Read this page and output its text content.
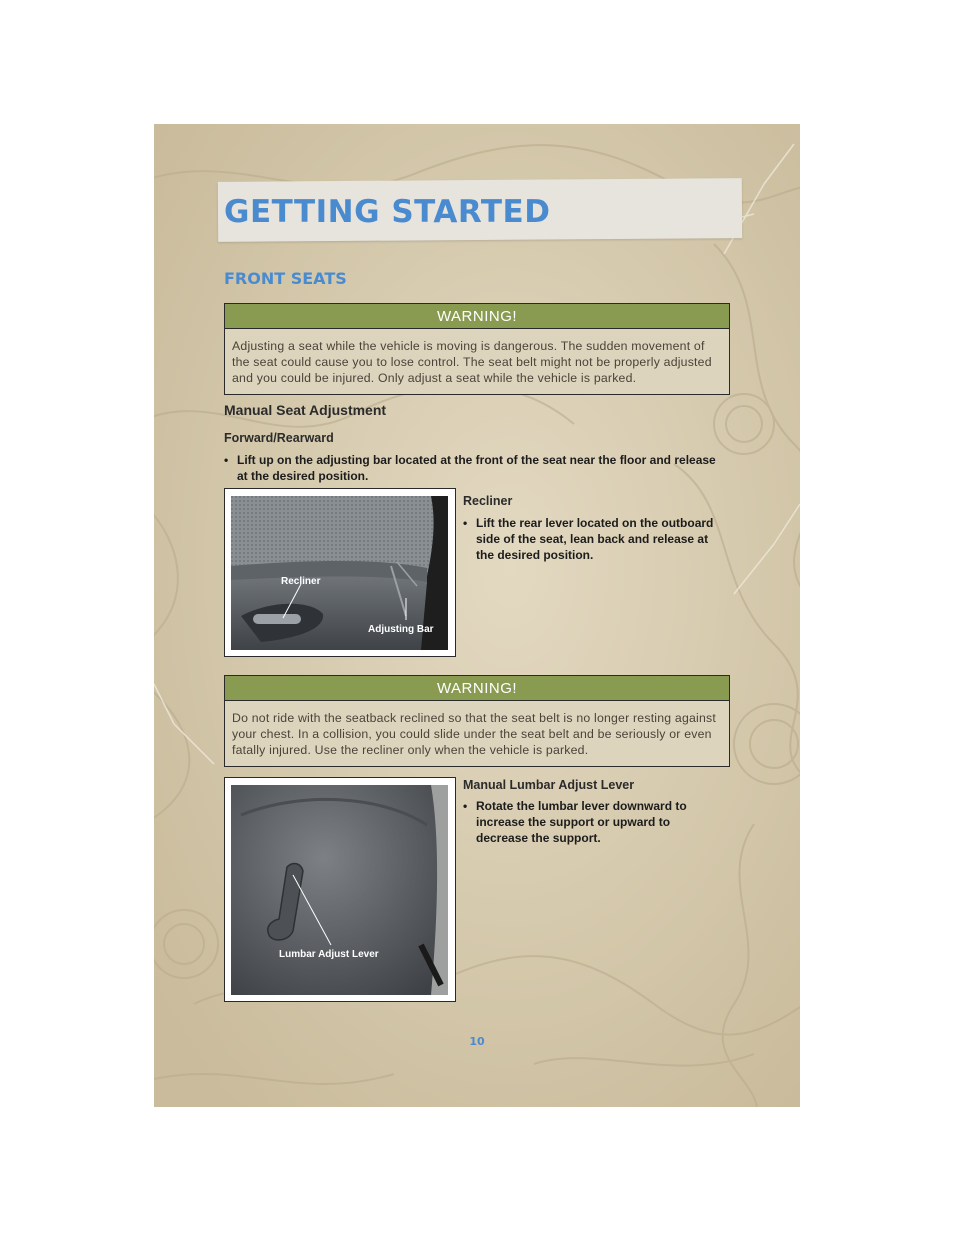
GETTING STARTED
FRONT SEATS
WARNING!
Adjusting a seat while the vehicle is moving is dangerous. The sudden movement of the seat could cause you to lose control. The seat belt might not be properly adjusted and you could be injured. Only adjust a seat while the vehicle is parked.
Manual Seat Adjustment
Forward/Rearward
• Lift up on the adjusting bar located at the front of the seat near the floor and release at the desired position.
Recliner
Adjusting Bar
Recliner
• Lift the rear lever located on the outboard side of the seat, lean back and release at the desired position.
WARNING!
Do not ride with the seatback reclined so that the seat belt is no longer resting against your chest. In a collision, you could slide under the seat belt and be seriously or even fatally injured. Use the recliner only when the vehicle is parked.
Lumbar Adjust Lever
Manual Lumbar Adjust Lever
• Rotate the lumbar lever downward to increase the support or upward to decrease the support.
10
